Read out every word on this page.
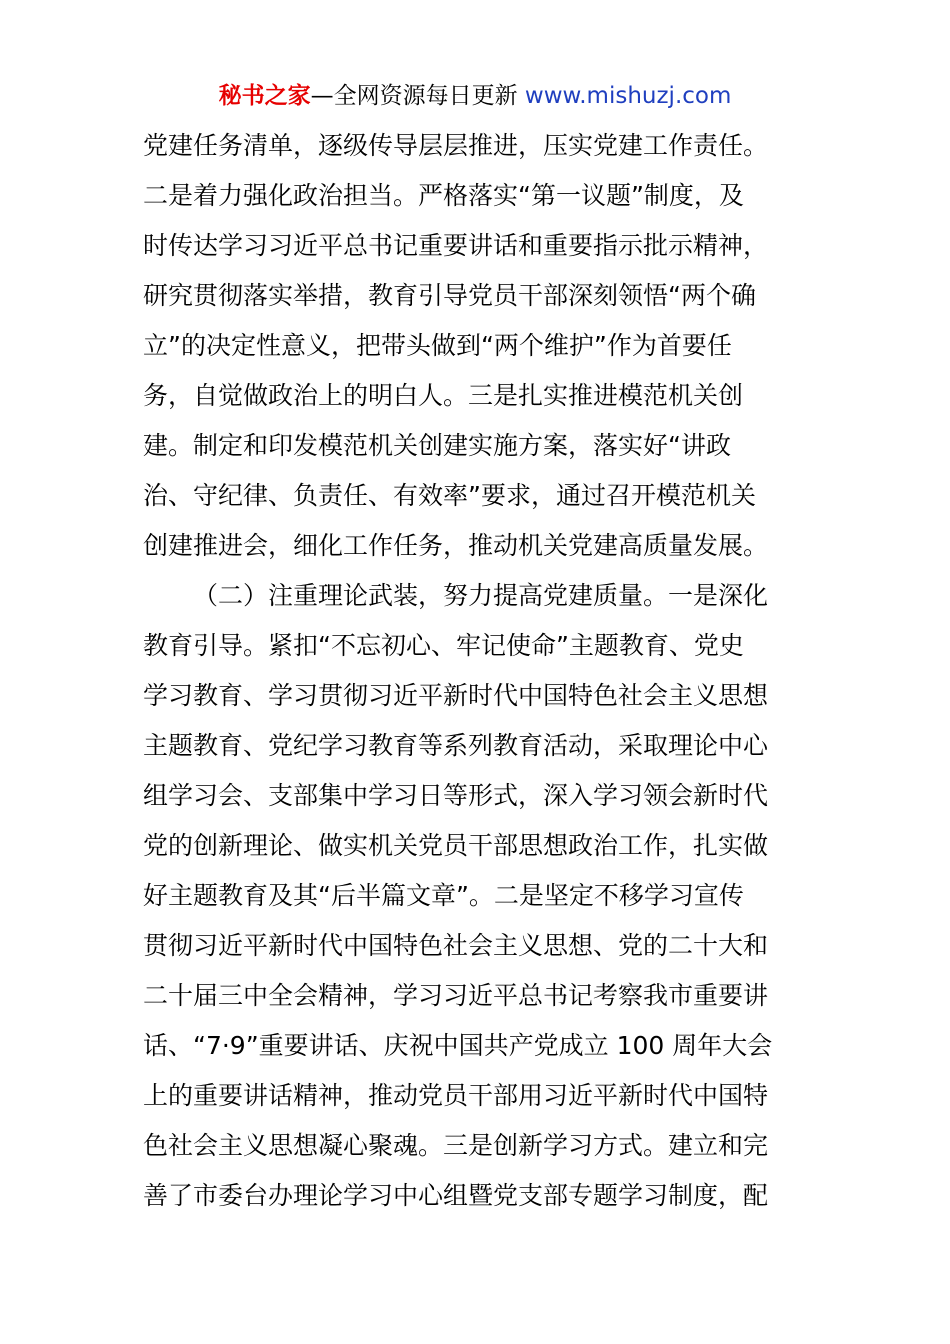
秘书之家—全网资源每日更新 www.mishuzj.com
党建任务清单，逐级传导层层推进，压实党建工作责任。
二是着力强化政治担当。严格落实“第一议题”制度，及
时传达学习习近平总书记重要讲话和重要指示批示精神，
研究贯彻落实举措，教育引导党员干部深刻领悟“两个确
立”的决定性意义，把带头做到“两个维护”作为首要任
务，自觉做政治上的明白人。三是扎实推进模范机关创
建。制定和印发模范机关创建实施方案，落实好“讲政
治、守纪律、负责任、有效率”要求，通过召开模范机关
创建推进会，细化工作任务，推动机关党建高质量发展。
（二）注重理论武装，努力提高党建质量。一是深化
教育引导。紧扣“不忘初心、牢记使命”主题教育、党史
学习教育、学习贯彻习近平新时代中国特色社会主义思想
主题教育、党纪学习教育等系列教育活动，采取理论中心
组学习会、支部集中学习日等形式，深入学习领会新时代
党的创新理论、做实机关党员干部思想政治工作，扎实做
好主题教育及其“后半篇文章”。二是坚定不移学习宣传
贯彻习近平新时代中国特色社会主义思想、党的二十大和
二十届三中全会精神，学习习近平总书记考察我市重要讲
话、“7·9”重要讲话、庆祝中国共产党成立 100 周年大会
上的重要讲话精神，推动党员干部用习近平新时代中国特
色社会主义思想凝心聚魂。三是创新学习方式。建立和完
善了市委台办理论学习中心组暨党支部专题学习制度，配
